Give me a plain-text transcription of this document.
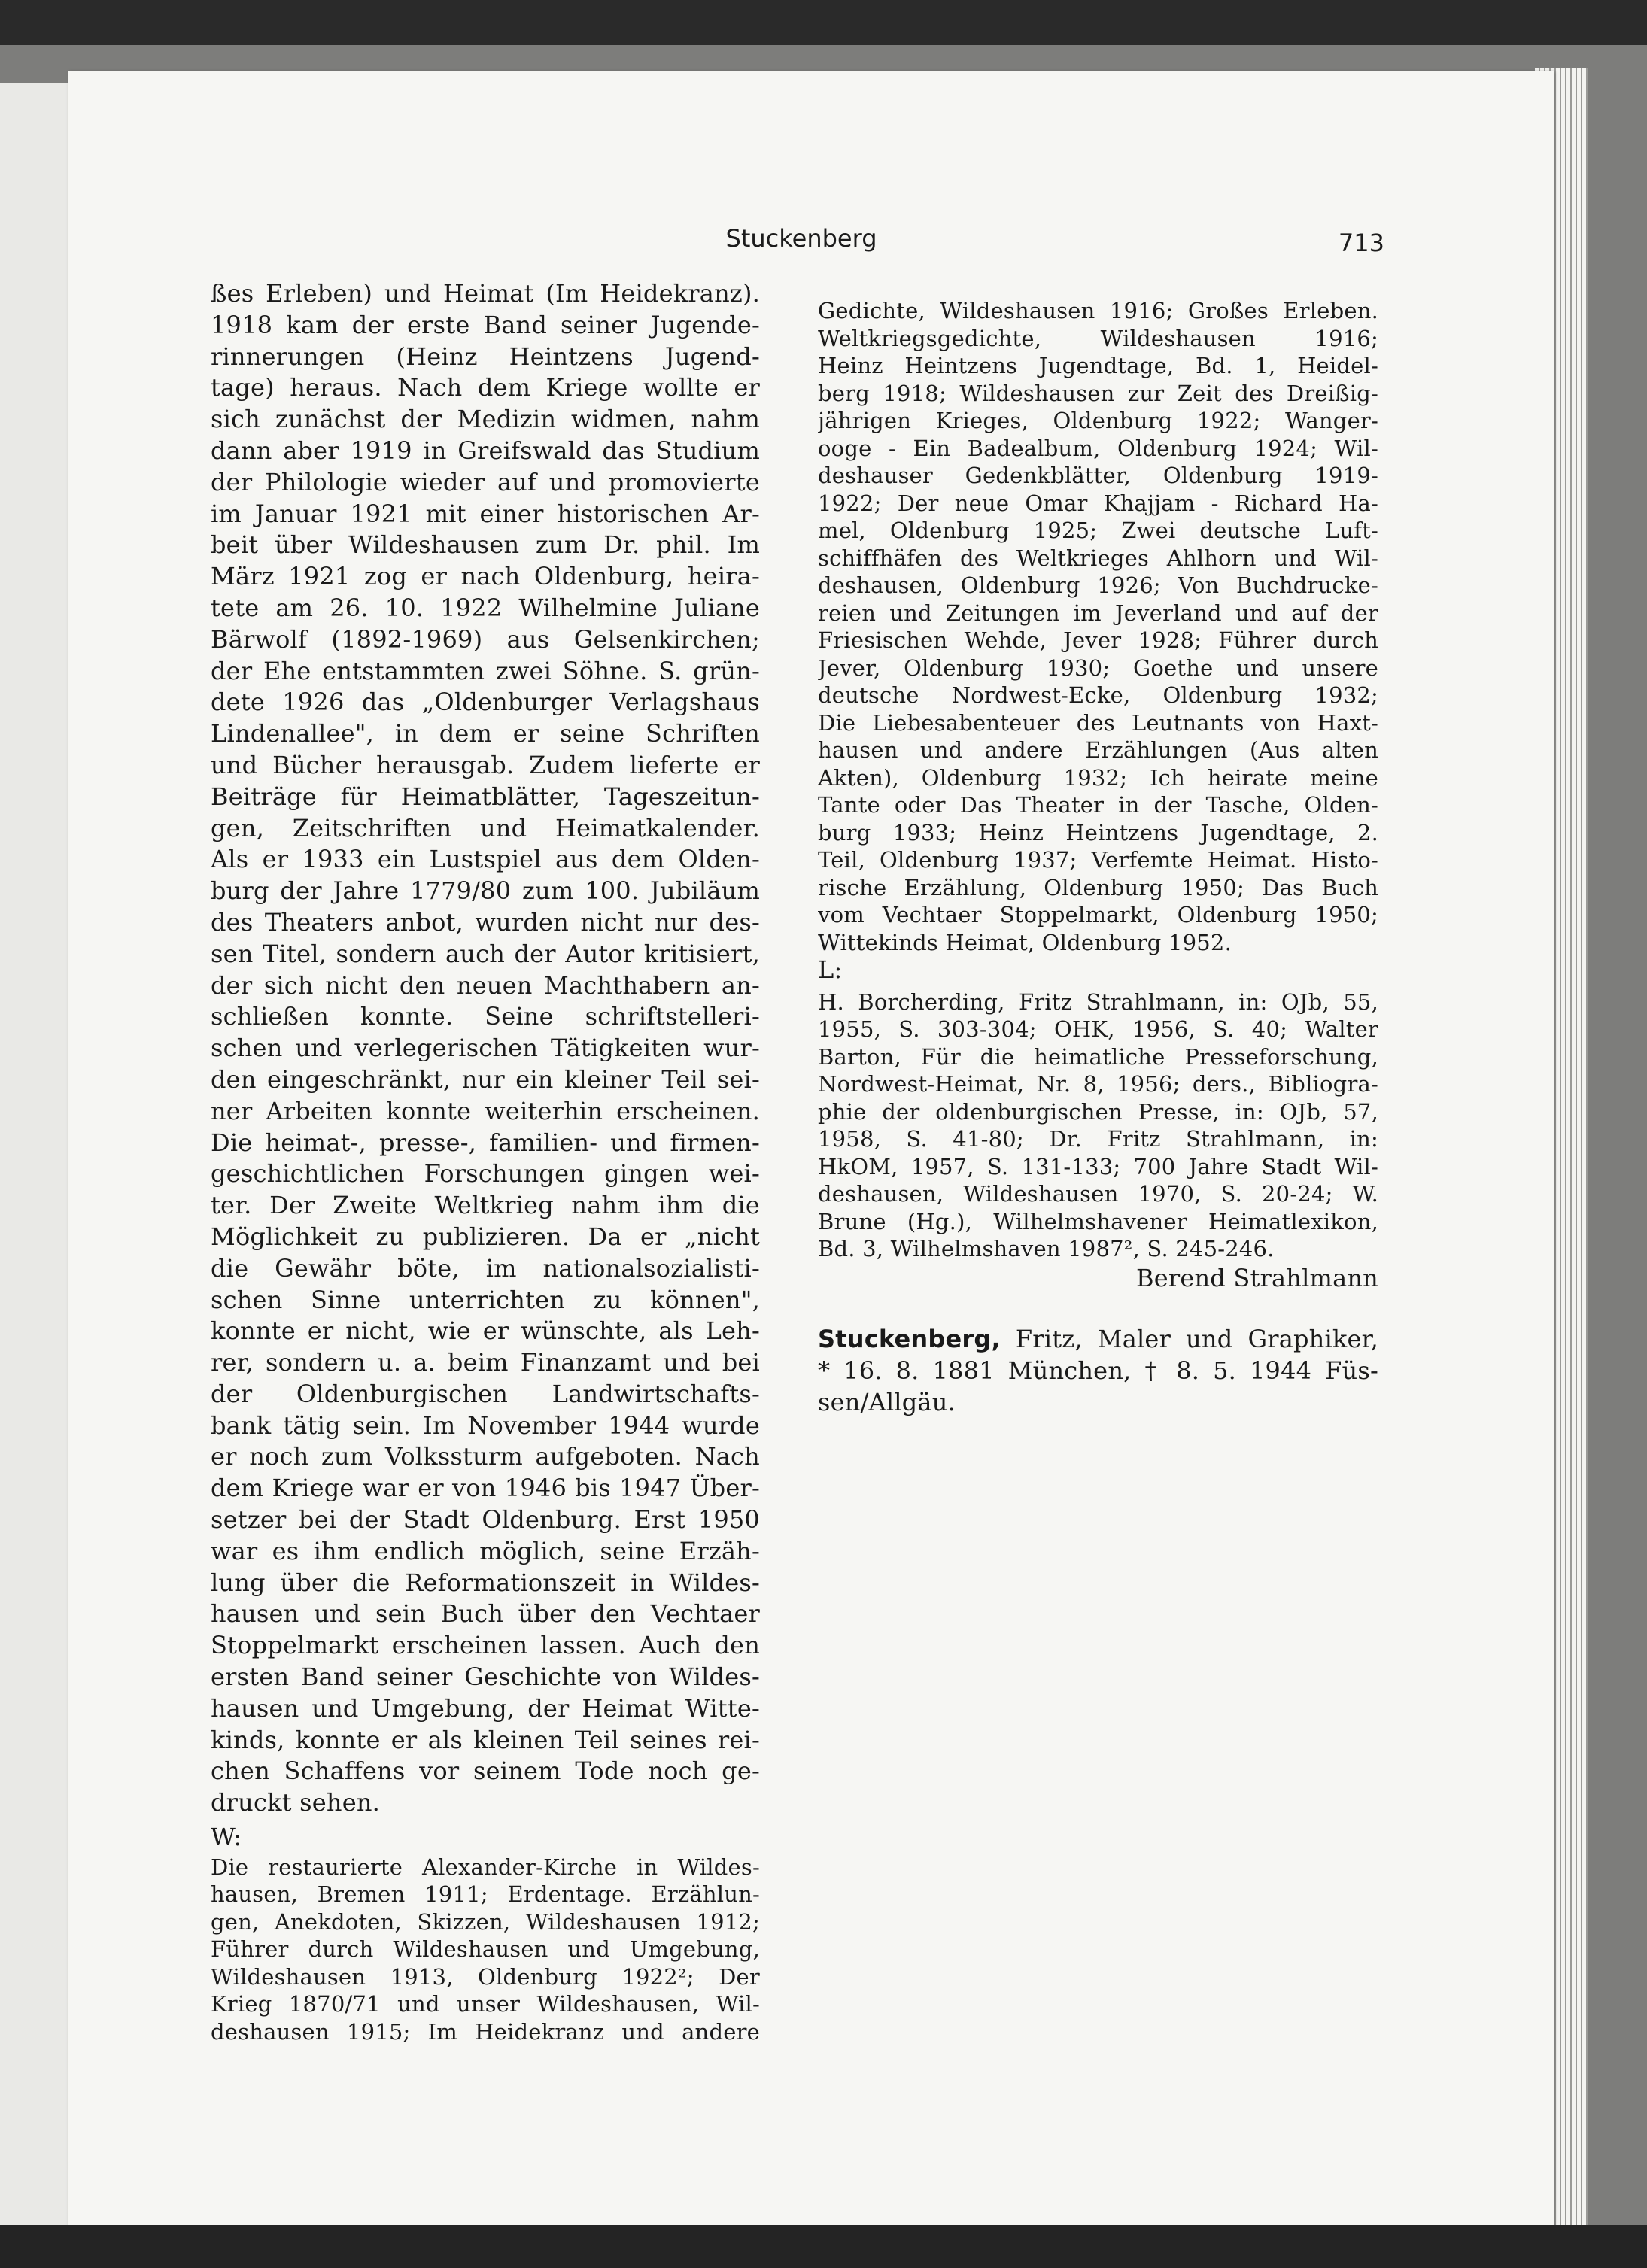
Stuckenberg	713
ßes Erleben) und Heimat (Im Heidekranz).
1918 kam der erste Band seiner Jugende-
rinnerungen (Heinz Heintzens Jugend-
tage) heraus. Nach dem Kriege wollte er
sich zunächst der Medizin widmen, nahm
dann aber 1919 in Greifswald das Studium
der Philologie wieder auf und promovierte
im Januar 1921 mit einer historischen Ar-
beit über Wildeshausen zum Dr. phil. Im
März 1921 zog er nach Oldenburg, heira-
tete am 26. 10. 1922 Wilhelmine Juliane
Bärwolf (1892-1969) aus Gelsenkirchen;
der Ehe entstammten zwei Söhne. S. grün-
dete 1926 das „Oldenburger Verlagshaus
Lindenallee", in dem er seine Schriften
und Bücher herausgab. Zudem lieferte er
Beiträge für Heimatblätter, Tageszeitun-
gen, Zeitschriften und Heimatkalender.
Als er 1933 ein Lustspiel aus dem Olden-
burg der Jahre 1779/80 zum 100. Jubiläum
des Theaters anbot, wurden nicht nur des-
sen Titel, sondern auch der Autor kritisiert,
der sich nicht den neuen Machthabern an-
schließen konnte. Seine schriftstelleri-
schen und verlegerischen Tätigkeiten wur-
den eingeschränkt, nur ein kleiner Teil sei-
ner Arbeiten konnte weiterhin erscheinen.
Die heimat-, presse-, familien- und firmen-
geschichtlichen Forschungen gingen wei-
ter. Der Zweite Weltkrieg nahm ihm die
Möglichkeit zu publizieren. Da er „nicht
die Gewähr böte, im nationalsozialisti-
schen Sinne unterrichten zu können",
konnte er nicht, wie er wünschte, als Leh-
rer, sondern u. a. beim Finanzamt und bei
der Oldenburgischen Landwirtschafts-
bank tätig sein. Im November 1944 wurde
er noch zum Volkssturm aufgeboten. Nach
dem Kriege war er von 1946 bis 1947 Über-
setzer bei der Stadt Oldenburg. Erst 1950
war es ihm endlich möglich, seine Erzäh-
lung über die Reformationszeit in Wildes-
hausen und sein Buch über den Vechtaer
Stoppelmarkt erscheinen lassen. Auch den
ersten Band seiner Geschichte von Wildes-
hausen und Umgebung, der Heimat Witte-
kinds, konnte er als kleinen Teil seines rei-
chen Schaffens vor seinem Tode noch ge-
druckt sehen.
W:
Die restaurierte Alexander-Kirche in Wildes-
hausen, Bremen 1911; Erdentage. Erzählun-
gen, Anekdoten, Skizzen, Wildeshausen 1912;
Führer durch Wildeshausen und Umgebung,
Wildeshausen 1913, Oldenburg 1922²; Der
Krieg 1870/71 und unser Wildeshausen, Wil-
deshausen 1915; Im Heidekranz und andere
Gedichte, Wildeshausen 1916; Großes Erleben.
Weltkriegsgedichte, Wildeshausen 1916;
Heinz Heintzens Jugendtage, Bd. 1, Heidel-
berg 1918; Wildeshausen zur Zeit des Dreißig-
jährigen Krieges, Oldenburg 1922; Wanger-
ooge - Ein Badealbum, Oldenburg 1924; Wil-
deshauser Gedenkblätter, Oldenburg 1919-
1922; Der neue Omar Khajjam - Richard Ha-
mel, Oldenburg 1925; Zwei deutsche Luft-
schiffhäfen des Weltkrieges Ahlhorn und Wil-
deshausen, Oldenburg 1926; Von Buchdrucke-
reien und Zeitungen im Jeverland und auf der
Friesischen Wehde, Jever 1928; Führer durch
Jever, Oldenburg 1930; Goethe und unsere
deutsche Nordwest-Ecke, Oldenburg 1932;
Die Liebesabenteuer des Leutnants von Haxt-
hausen und andere Erzählungen (Aus alten
Akten), Oldenburg 1932; Ich heirate meine
Tante oder Das Theater in der Tasche, Olden-
burg 1933; Heinz Heintzens Jugendtage, 2.
Teil, Oldenburg 1937; Verfemte Heimat. Histo-
rische Erzählung, Oldenburg 1950; Das Buch
vom Vechtaer Stoppelmarkt, Oldenburg 1950;
Wittekinds Heimat, Oldenburg 1952.
L:
H. Borcherding, Fritz Strahlmann, in: OJb, 55,
1955, S. 303-304; OHK, 1956, S. 40; Walter
Barton, Für die heimatliche Presseforschung,
Nordwest-Heimat, Nr. 8, 1956; ders., Bibliogra-
phie der oldenburgischen Presse, in: OJb, 57,
1958, S. 41-80; Dr. Fritz Strahlmann, in:
HkOM, 1957, S. 131-133; 700 Jahre Stadt Wil-
deshausen, Wildeshausen 1970, S. 20-24; W.
Brune (Hg.), Wilhelmshavener Heimatlexikon,
Bd. 3, Wilhelmshaven 1987², S. 245-246.
Berend Strahlmann
Stuckenberg, Fritz, Maler und Graphiker,
* 16. 8. 1881 München, † 8. 5. 1944 Füs-
sen/Allgäu.
